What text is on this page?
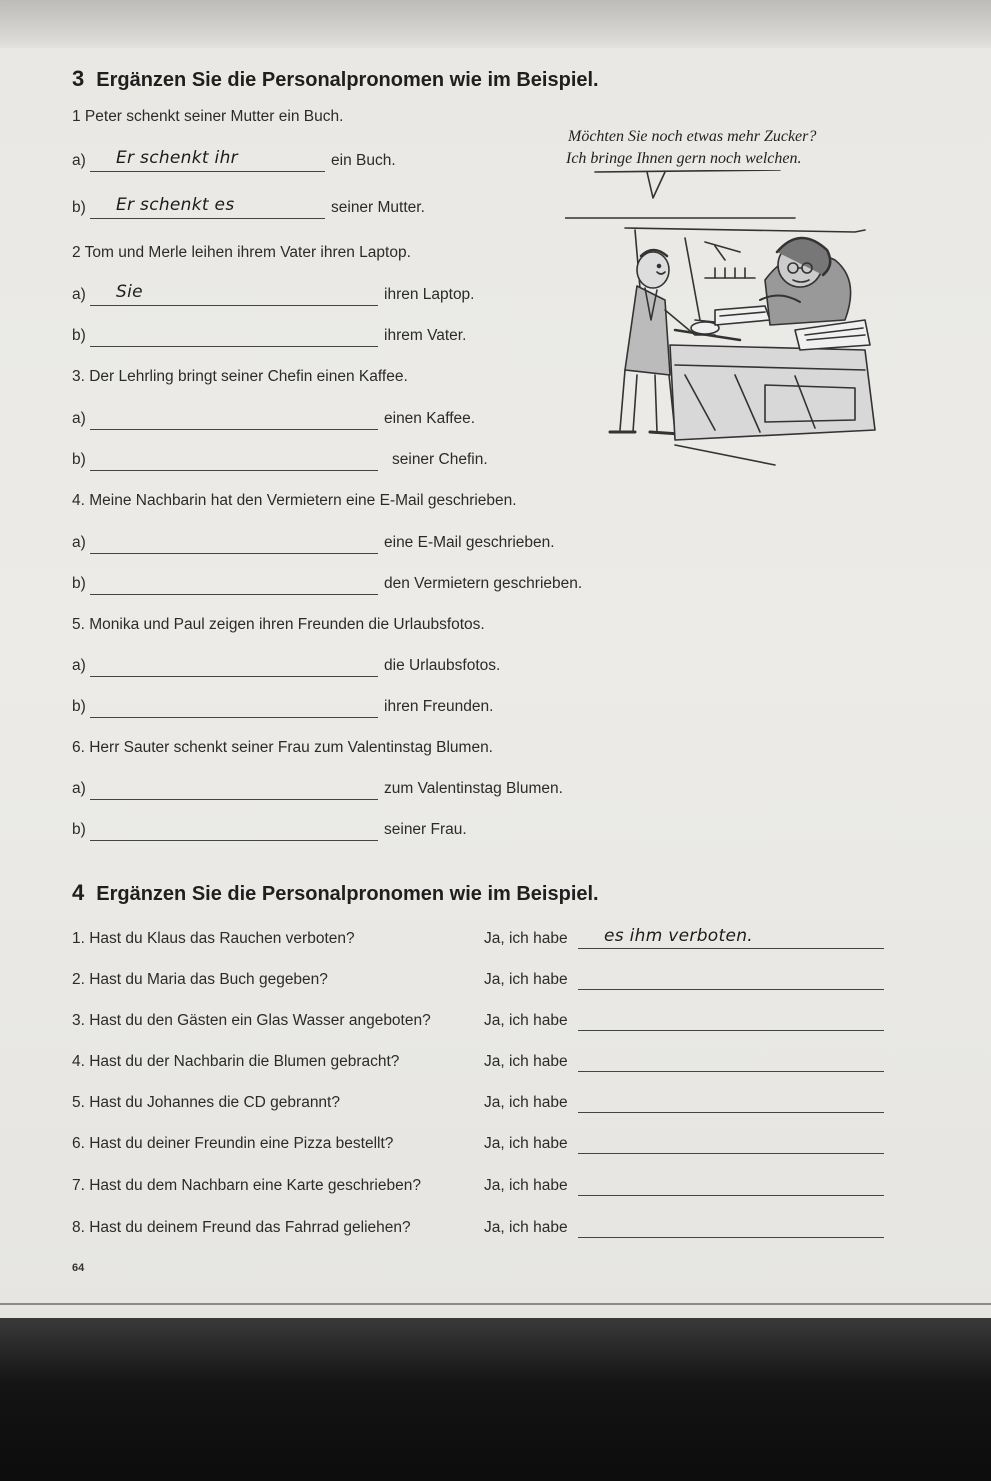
3 Ergänzen Sie die Personalpronomen wie im Beispiel.
1 Peter schenkt seiner Mutter ein Buch.
a) Er schenkt ihr	ein Buch.
b) Er schenkt es	seiner Mutter.
2 Tom und Merle leihen ihrem Vater ihren Laptop.
a) Sie	ihren Laptop.
b)	ihrem Vater.
3. Der Lehrling bringt seiner Chefin einen Kaffee.
a)	einen Kaffee.
b)	seiner Chefin.
4. Meine Nachbarin hat den Vermietern eine E-Mail geschrieben.
a)	eine E-Mail geschrieben.
b)	den Vermietern geschrieben.
5. Monika und Paul zeigen ihren Freunden die Urlaubsfotos.
a)	die Urlaubsfotos.
b)	ihren Freunden.
6. Herr Sauter schenkt seiner Frau zum Valentinstag Blumen.
a)	zum Valentinstag Blumen.
b)	seiner Frau.
Möchten Sie noch etwas mehr Zucker?
Ich bringe Ihnen gern noch welchen.
4 Ergänzen Sie die Personalpronomen wie im Beispiel.
1. Hast du Klaus das Rauchen verboten?	Ja, ich habe es ihm verboten.
2. Hast du Maria das Buch gegeben?	Ja, ich habe
3. Hast du den Gästen ein Glas Wasser angeboten?	Ja, ich habe
4. Hast du der Nachbarin die Blumen gebracht?	Ja, ich habe
5. Hast du Johannes die CD gebrannt?	Ja, ich habe
6. Hast du deiner Freundin eine Pizza bestellt?	Ja, ich habe
7. Hast du dem Nachbarn eine Karte geschrieben?	Ja, ich habe
8. Hast du deinem Freund das Fahrrad geliehen?	Ja, ich habe
64
